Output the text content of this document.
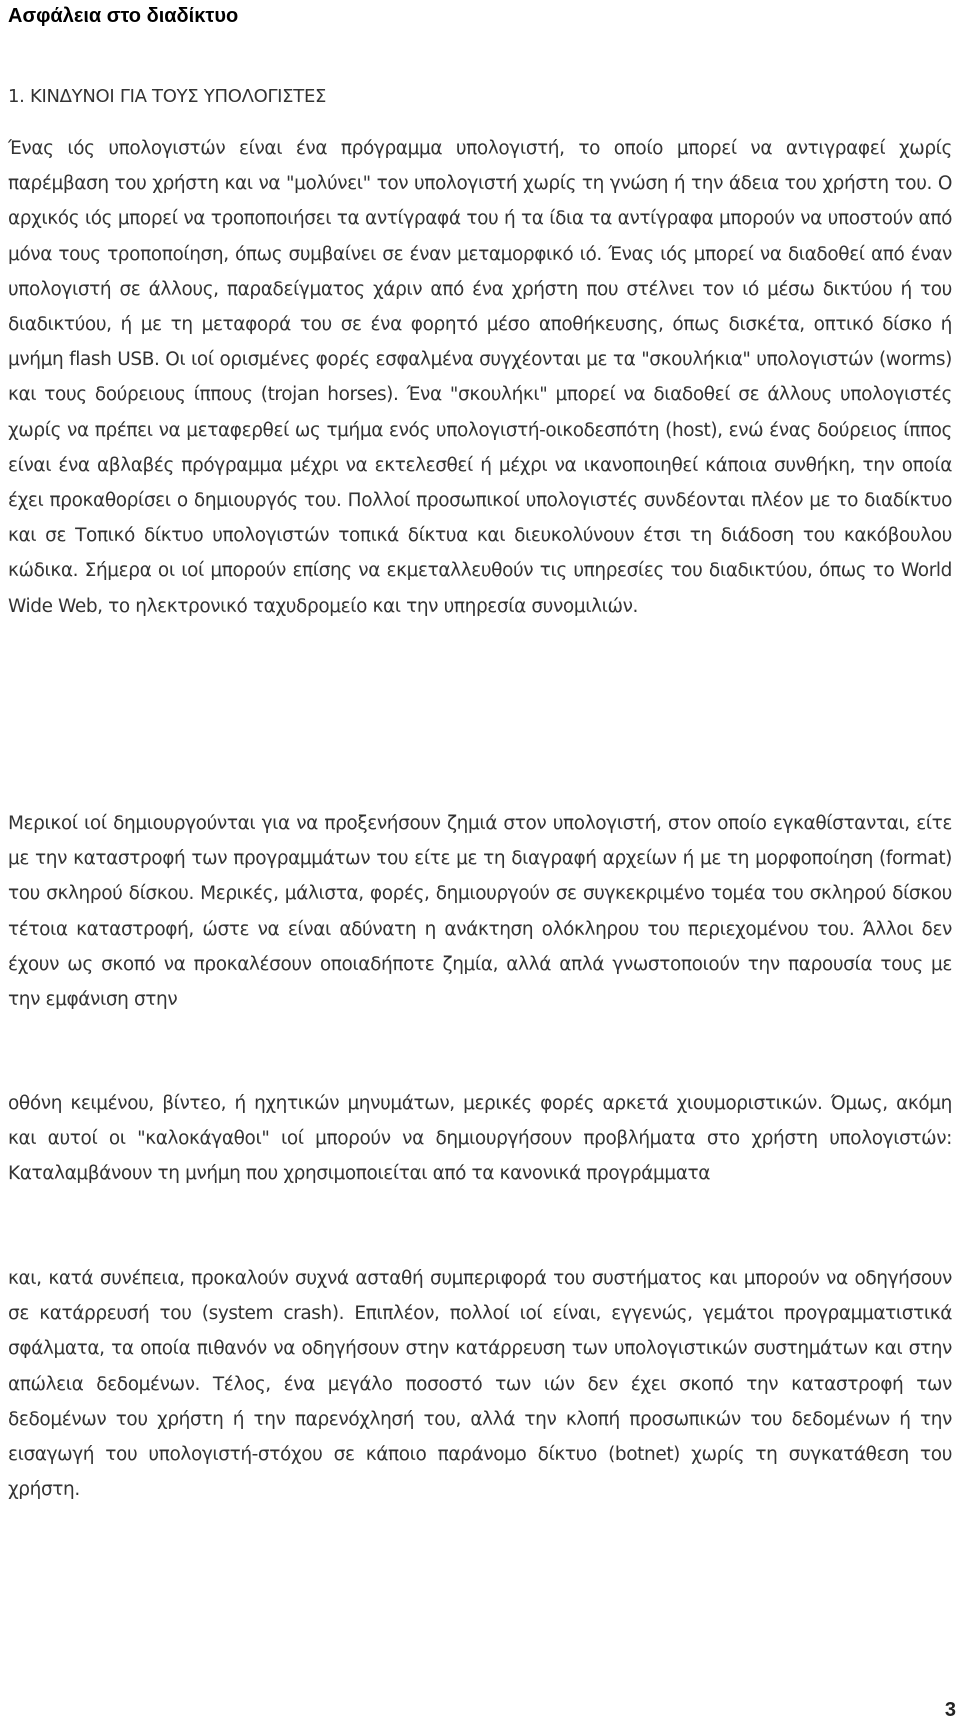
Ασφάλεια στο διαδίκτυο
1. ΚΙΝΔΥΝΟΙ ΓΙΑ ΤΟΥΣ ΥΠΟΛΟΓΙΣΤΕΣ

Ένας ιός υπολογιστών είναι ένα πρόγραμμα υπολογιστή, το οποίο μπορεί να αντιγραφεί χωρίς παρέμβαση του χρήστη και να "μολύνει" τον υπολογιστή χωρίς τη γνώση ή την άδεια του χρήστη του. Ο αρχικός ιός μπορεί να τροποποιήσει τα αντίγραφά του ή τα ίδια τα αντίγραφα μπορούν να υποστούν από μόνα τους τροποποίηση, όπως συμβαίνει σε έναν μεταμορφικό ιό. Ένας ιός μπορεί να διαδοθεί από έναν υπολογιστή σε άλλους, παραδείγματος χάριν από ένα χρήστη που στέλνει τον ιό μέσω δικτύου ή του διαδικτύου, ή με τη μεταφορά του σε ένα φορητό μέσο αποθήκευσης, όπως δισκέτα, οπτικό δίσκο ή μνήμη flash USB. Οι ιοί ορισμένες φορές εσφαλμένα συγχέονται με τα "σκουλήκια" υπολογιστών (worms) και τους δούρειους ίππους (trojan horses). Ένα "σκουλήκι" μπορεί να διαδοθεί σε άλλους υπολογιστές χωρίς να πρέπει να μεταφερθεί ως τμήμα ενός υπολογιστή-οικοδεσπότη (host), ενώ ένας δούρειος ίππος είναι ένα αβλαβές πρόγραμμα μέχρι να εκτελεσθεί ή μέχρι να ικανοποιηθεί κάποια συνθήκη, την οποία έχει προκαθορίσει ο δημιουργός του. Πολλοί προσωπικοί υπολογιστές συνδέονται πλέον με το διαδίκτυο και σε Τοπικό δίκτυο υπολογιστών τοπικά δίκτυα και διευκολύνουν έτσι τη διάδοση του κακόβουλου κώδικα. Σήμερα οι ιοί μπορούν επίσης να εκμεταλλευθούν τις υπηρεσίες του διαδικτύου, όπως το World Wide Web, το ηλεκτρονικό ταχυδρομείο και την υπηρεσία συνομιλιών.

Μερικοί ιοί δημιουργούνται για να προξενήσουν ζημιά στον υπολογιστή, στον οποίο εγκαθίστανται, είτε με την καταστροφή των προγραμμάτων του είτε με τη διαγραφή αρχείων ή με τη μορφοποίηση (format) του σκληρού δίσκου. Μερικές, μάλιστα, φορές, δημιουργούν σε συγκεκριμένο τομέα του σκληρού δίσκου τέτοια καταστροφή, ώστε να είναι αδύνατη η ανάκτηση ολόκληρου του περιεχομένου του. Άλλοι δεν έχουν ως σκοπό να προκαλέσουν οποιαδήποτε ζημία, αλλά απλά γνωστοποιούν την παρουσία τους με την εμφάνιση στην

οθόνη κειμένου, βίντεο, ή ηχητικών μηνυμάτων, μερικές φορές αρκετά χιουμοριστικών. Όμως, ακόμη και αυτοί οι "καλοκάγαθοι" ιοί μπορούν να δημιουργήσουν προβλήματα στο χρήστη υπολογιστών: Καταλαμβάνουν τη μνήμη που χρησιμοποιείται από τα κανονικά προγράμματα

και, κατά συνέπεια, προκαλούν συχνά ασταθή συμπεριφορά του συστήματος και μπορούν να οδηγήσουν σε κατάρρευσή του (system crash). Επιπλέον, πολλοί ιοί είναι, εγγενώς, γεμάτοι προγραμματιστικά σφάλματα, τα οποία πιθανόν να οδηγήσουν στην κατάρρευση των υπολογιστικών συστημάτων και στην απώλεια δεδομένων. Τέλος, ένα μεγάλο ποσοστό των ιών δεν έχει σκοπό την καταστροφή των δεδομένων του χρήστη ή την παρενόχλησή του, αλλά την κλοπή προσωπικών του δεδομένων ή την εισαγωγή του υπολογιστή-στόχου σε κάποιο παράνομο δίκτυο (botnet) χωρίς τη συγκατάθεση του χρήστη.

3
